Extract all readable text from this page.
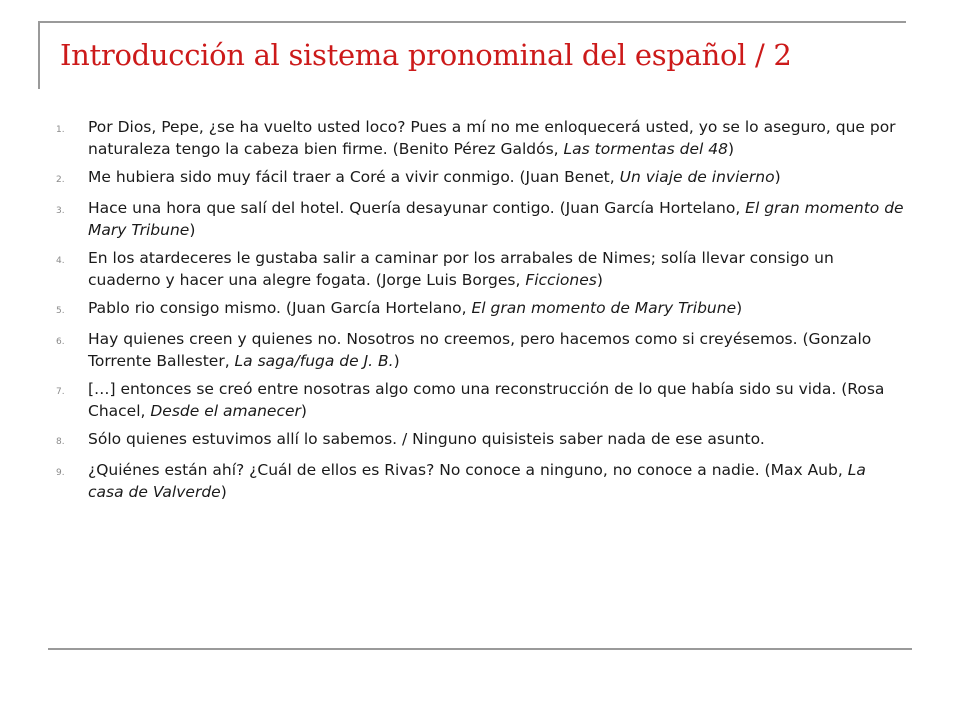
Introducción al sistema pronominal del español / 2
1.	Por Dios, Pepe, ¿se ha vuelto usted loco? Pues a mí no me enloquecerá usted, yo se lo aseguro, que por naturaleza tengo la cabeza bien firme. (Benito Pérez Galdós, Las tormentas del 48)
2.	Me hubiera sido muy fácil traer a Coré a vivir conmigo. (Juan Benet, Un viaje de invierno)
3.	Hace una hora que salí del hotel. Quería desayunar contigo. (Juan García Hortelano, El gran momento de Mary Tribune)
4.	En los atardeceres le gustaba salir a caminar por los arrabales de Nimes; solía llevar consigo un cuaderno y hacer una alegre fogata. (Jorge Luis Borges, Ficciones)
5.	Pablo rio consigo mismo. (Juan García Hortelano, El gran momento de Mary Tribune)
6.	Hay quienes creen y quienes no. Nosotros no creemos, pero hacemos como si creyésemos. (Gonzalo Torrente Ballester, La saga/fuga de J. B.)
7.	[…] entonces se creó entre nosotras algo como una reconstrucción de lo que había sido su vida. (Rosa Chacel, Desde el amanecer)
8.	Sólo quienes estuvimos allí lo sabemos. / Ninguno quisisteis saber nada de ese asunto.
9.	¿Quiénes están ahí? ¿Cuál de ellos es Rivas? No conoce a ninguno, no conoce a nadie. (Max Aub, La casa de Valverde)
